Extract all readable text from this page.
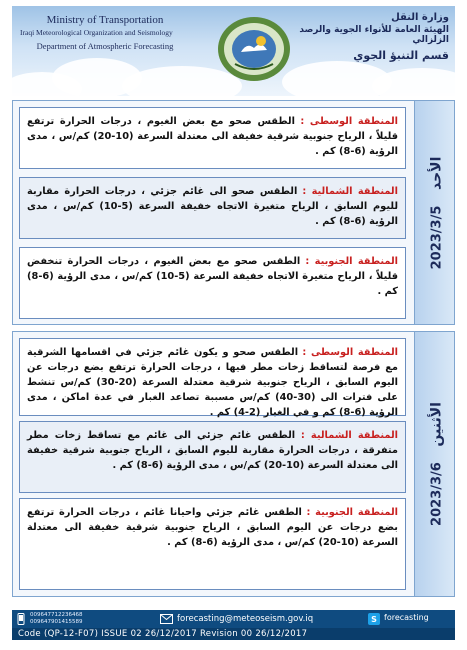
Ministry of Transportation
Iraqi Meteorological Organization and Seismology
Department of Atmospheric Forecasting
وزارة النقل
الهيئة العامة للأنواء الجوية والرصد الزلزالي
قسم التنبؤ الجوي
الأحد 2023/3/5
المنطقة الوسطى : الطقس صحو مع بعض الغيوم ، درجات الحرارة ترتفع قليلاً ، الرياح جنوبية شرقية خفيفة الى معتدلة السرعة (10-20) كم/س ، مدى الرؤية (6-8) كم .
المنطقة الشمالية : الطقس صحو الى غائم جزئي ، درجات الحرارة مقاربة لليوم السابق ، الرياح متغيرة الاتجاه خفيفة السرعة (5-10) كم/س ، مدى الرؤية (6-8) كم .
المنطقة الجنوبية : الطقس صحو مع بعض الغيوم ، درجات الحرارة تنخفض قليلاً ، الرياح متغيرة الاتجاه خفيفة السرعة (5-10) كم/س ، مدى الرؤية (6-8) كم .
الأثنين 2023/3/6
المنطقة الوسطى : الطقس صحو و يكون غائم جزئي في اقسامها الشرقية مع فرصة لتساقط زخات مطر فيها ، درجات الحرارة ترتفع بضع درجات عن اليوم السابق ، الرياح جنوبية شرقية معتدلة السرعة (20-30) كم/س تنشط على فترات الى (30-40) كم/س مسببة تصاعد الغبار في عدة اماكن ، مدى الرؤية (6-8) كم و في الغبار (2-4) كم .
المنطقة الشمالية : الطقس غائم جزئي الى غائم مع تساقط زخات مطر متفرقة ، درجات الحرارة مقاربة لليوم السابق ، الرياح جنوبية شرقية خفيفة الى معتدلة السرعة (10-20) كم/س ، مدى الرؤية (6-8) كم .
المنطقة الجنوبية : الطقس غائم جزئي واحيانا غائم ، درجات الحرارة ترتفع بضع درجات عن اليوم السابق ، الرياح جنوبية شرقية خفيفة الى معتدلة السرعة (10-20) كم/س ، مدى الرؤية (6-8) كم .
009647712236468
009647901415589	forecasting@meteoseism.gov.iq	S forecasting
Code (QP-12-F07) ISSUE 02 26/12/2017 Revision 00 26/12/2017
